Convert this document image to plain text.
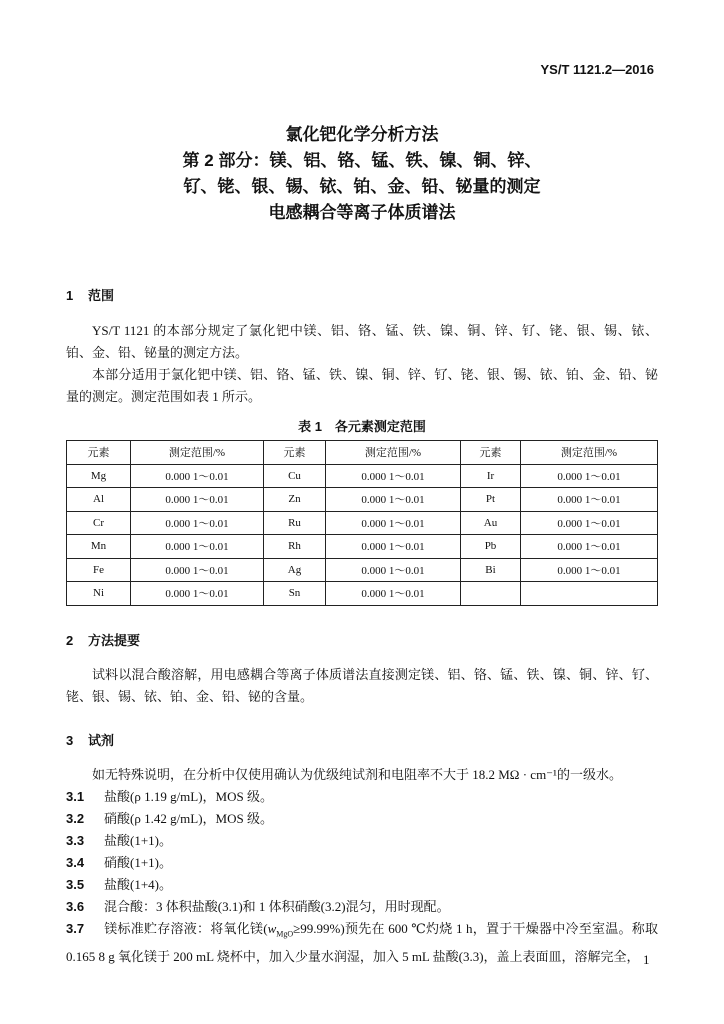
YS/T 1121.2—2016
氯化钯化学分析方法
第 2 部分：镁、铝、铬、锰、铁、镍、铜、锌、
钌、铑、银、锡、铱、铂、金、铅、铋量的测定
电感耦合等离子体质谱法
1 范围
YS/T 1121 的本部分规定了氯化钯中镁、铝、铬、锰、铁、镍、铜、锌、钌、铑、银、锡、铱、铂、金、铅、铋量的测定方法。
本部分适用于氯化钯中镁、铝、铬、锰、铁、镍、铜、锌、钌、铑、银、锡、铱、铂、金、铅、铋量的测定。测定范围如表 1 所示。
表 1　各元素测定范围
元素	测定范围/%	元素	测定范围/%	元素	测定范围/%
Mg	0.000 1～0.01	Cu	0.000 1～0.01	Ir	0.000 1～0.01
Al	0.000 1～0.01	Zn	0.000 1～0.01	Pt	0.000 1～0.01
Cr	0.000 1～0.01	Ru	0.000 1～0.01	Au	0.000 1～0.01
Mn	0.000 1～0.01	Rh	0.000 1～0.01	Pb	0.000 1～0.01
Fe	0.000 1～0.01	Ag	0.000 1～0.01	Bi	0.000 1～0.01
Ni	0.000 1～0.01	Sn	0.000 1～0.01		
2 方法提要
试料以混合酸溶解，用电感耦合等离子体质谱法直接测定镁、铝、铬、锰、铁、镍、铜、锌、钌、铑、银、锡、铱、铂、金、铅、铋的含量。
3 试剂
如无特殊说明，在分析中仅使用确认为优级纯试剂和电阻率不大于 18.2 MΩ · cm⁻¹的一级水。
3.1 盐酸(ρ 1.19 g/mL)，MOS 级。
3.2 硝酸(ρ 1.42 g/mL)，MOS 级。
3.3 盐酸(1+1)。
3.4 硝酸(1+1)。
3.5 盐酸(1+4)。
3.6 混合酸：3 体积盐酸(3.1)和 1 体积硝酸(3.2)混匀，用时现配。
3.7 镁标准贮存溶液：将氧化镁$(w_{MgO}\ge 99.99\%)$预先在 600 ℃灼烧 1 h，置于干燥器中冷至室温。称取 0.165 8 g 氧化镁于 200 mL 烧杯中，加入少量水润湿，加入 5 mL 盐酸(3.3)，盖上表面皿，溶解完全， 1
